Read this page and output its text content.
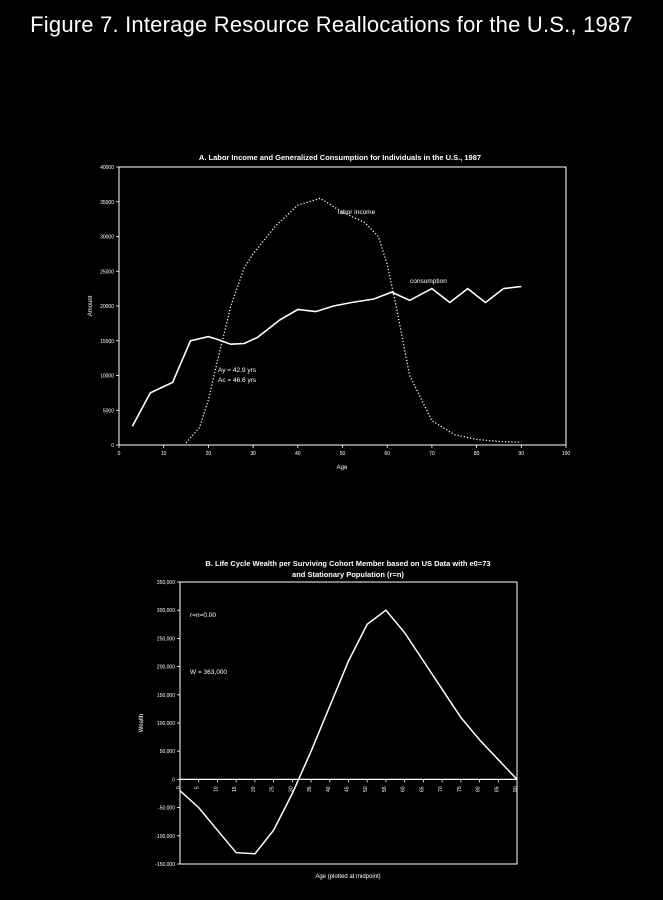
Figure 7. Interage Resource Reallocations for the U.S., 1987
A. Labor Income and Generalized Consumption for Individuals in the U.S., 1987
Age
Amount
Ay = 42.9 yrs
Ac = 46.6 yrs
labor income
consumption
0	10	20	30	40	50	60	70	80	90	100
0
5000
10000
15000
20000
25000
30000
35000
40000
B. Life Cycle Wealth per Surviving Cohort Member based on US Data with e0=73
and Stationary Population (r=n)
Age (plotted at midpoint)
Wealth
r=n=0.00
W = 363,000
350,000
300,000
250,000
200,000
150,000
100,000
50,000
0
-50,000
-100,000
-150,000
0	5	10	15	20	25	30	35	40	45	50	55	60	65	70	75	80	85	90
